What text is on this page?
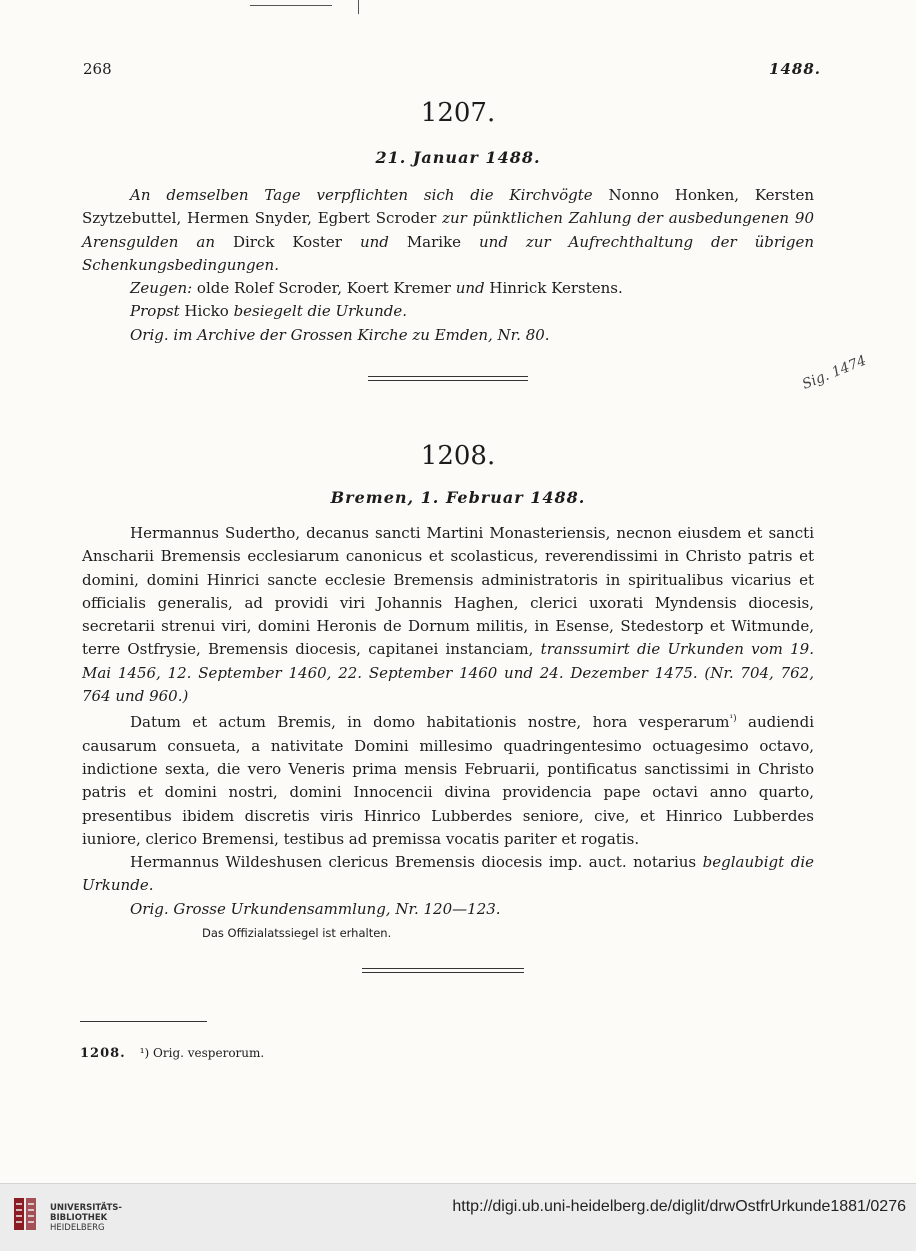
268	1488.
1207.
21. Januar 1488.

An demselben Tage verpflichten sich die Kirchvögte Nonno Honken, Kersten Szytzebuttel, Hermen Snyder, Egbert Scroder zur pünktlichen Zahlung der ausbedungenen 90 Arensgulden an Dirck Koster und Marike und zur Aufrechthaltung der übrigen Schenkungsbedingungen.

Zeugen: olde Rolef Scroder, Koert Kremer und Hinrick Kerstens.

Propst Hicko besiegelt die Urkunde.

Orig. im Archive der Grossen Kirche zu Emden, Nr. 80.

Sig. 1474
1208.
Bremen, 1. Februar 1488.

Hermannus Sudertho, decanus sancti Martini Monasteriensis, necnon eiusdem et sancti Anscharii Bremensis ecclesiarum canonicus et scolasticus, reverendissimi in Christo patris et domini, domini Hinrici sancte ecclesie Bremensis administratoris in spiritualibus vicarius et officialis generalis, ad providi viri Johannis Haghen, clerici uxorati Myndensis diocesis, secretarii strenui viri, domini Heronis de Dornum militis, in Esense, Stedestorp et Witmunde, terre Ostfrysie, Bremensis diocesis, capitanei instanciam, transsumirt die Urkunden vom 19. Mai 1456, 12. September 1460, 22. September 1460 und 24. Dezember 1475. (Nr. 704, 762, 764 und 960.)

Datum et actum Bremis, in domo habitationis nostre, hora vesperarum$^{^1)}$ audiendi causarum consueta, a nativitate Domini millesimo quadringentesimo octuagesimo octavo, indictione sexta, die vero Veneris prima mensis Februarii, pontificatus sanctissimi in Christo patris et domini nostri, domini Innocencii divina providencia pape octavi anno quarto, presentibus ibidem discretis viris Hinrico Lubberdes seniore, cive, et Hinrico Lubberdes iuniore, clerico Bremensi, testibus ad premissa vocatis pariter et rogatis.

Hermannus Wildeshusen clericus Bremensis diocesis imp. auct. notarius beglaubigt die Urkunde.

Orig. Grosse Urkundensammlung, Nr. 120—123.

Das Offizialatssiegel ist erhalten.

1208. ¹) Orig. vesperorum.
UNIVERSITÄTS-
BIBLIOTHEK
HEIDELBERG
http://digi.ub.uni-heidelberg.de/diglit/drwOstfrUrkunde1881/0276
